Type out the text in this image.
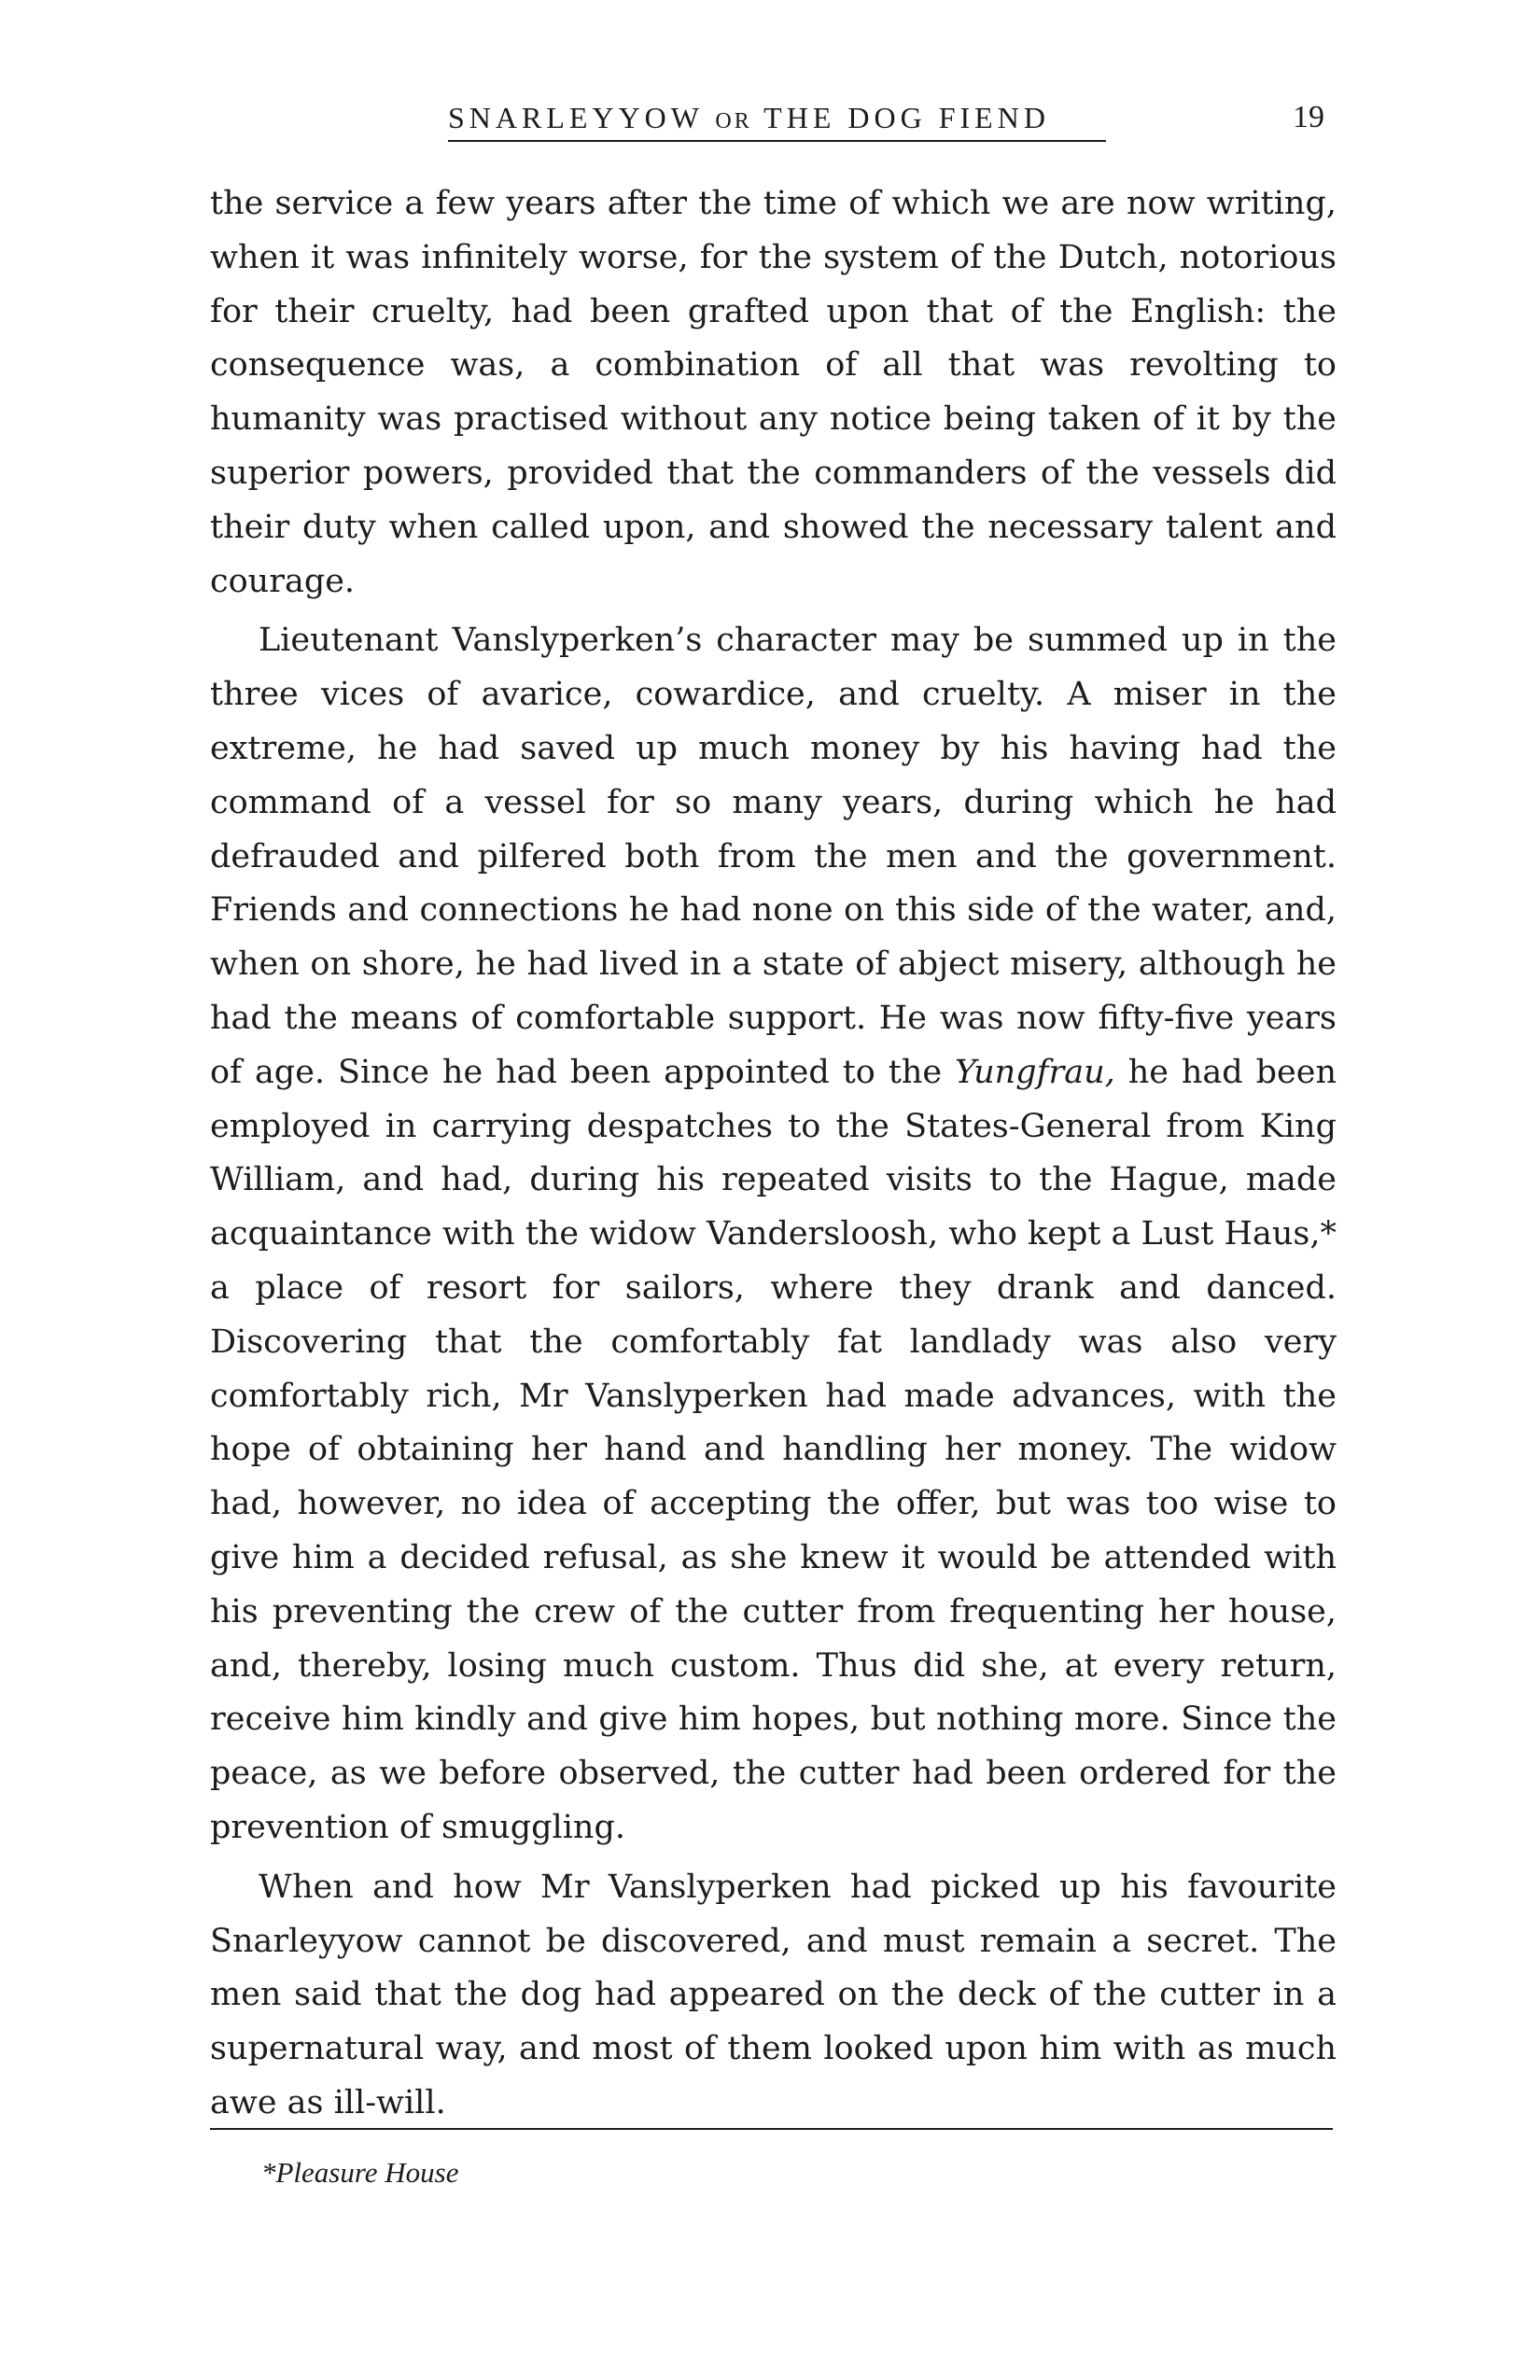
SNARLEYYOW OR THE DOG FIEND	19

the service a few years after the time of which we are now writing, when it was infinitely worse, for the system of the Dutch, notorious for their cruelty, had been grafted upon that of the English: the consequence was, a combination of all that was revolting to humanity was practised without any notice being taken of it by the superior powers, provided that the commanders of the vessels did their duty when called upon, and showed the necessary talent and courage.

Lieutenant Vanslyperken’s character may be summed up in the three vices of avarice, cowardice, and cruelty. A miser in the extreme, he had saved up much money by his having had the command of a vessel for so many years, during which he had defrauded and pilfered both from the men and the government. Friends and connections he had none on this side of the water, and, when on shore, he had lived in a state of abject misery, although he had the means of comfortable support. He was now fifty-five years of age. Since he had been appointed to the Yungfrau, he had been employed in carrying despatches to the States-General from King William, and had, during his repeated visits to the Hague, made acquaintance with the widow Vandersloosh, who kept a Lust Haus,* a place of resort for sailors, where they drank and danced. Discovering that the comfortably fat landlady was also very comfortably rich, Mr Vanslyperken had made advances, with the hope of obtaining her hand and handling her money. The widow had, however, no idea of accepting the offer, but was too wise to give him a decided refusal, as she knew it would be attended with his preventing the crew of the cutter from frequenting her house, and, thereby, losing much custom. Thus did she, at every return, receive him kindly and give him hopes, but nothing more. Since the peace, as we before observed, the cutter had been ordered for the prevention of smuggling.

When and how Mr Vanslyperken had picked up his favourite Snarleyyow cannot be discovered, and must remain a secret. The men said that the dog had appeared on the deck of the cutter in a supernatural way, and most of them looked upon him with as much awe as ill-will.

*Pleasure House
